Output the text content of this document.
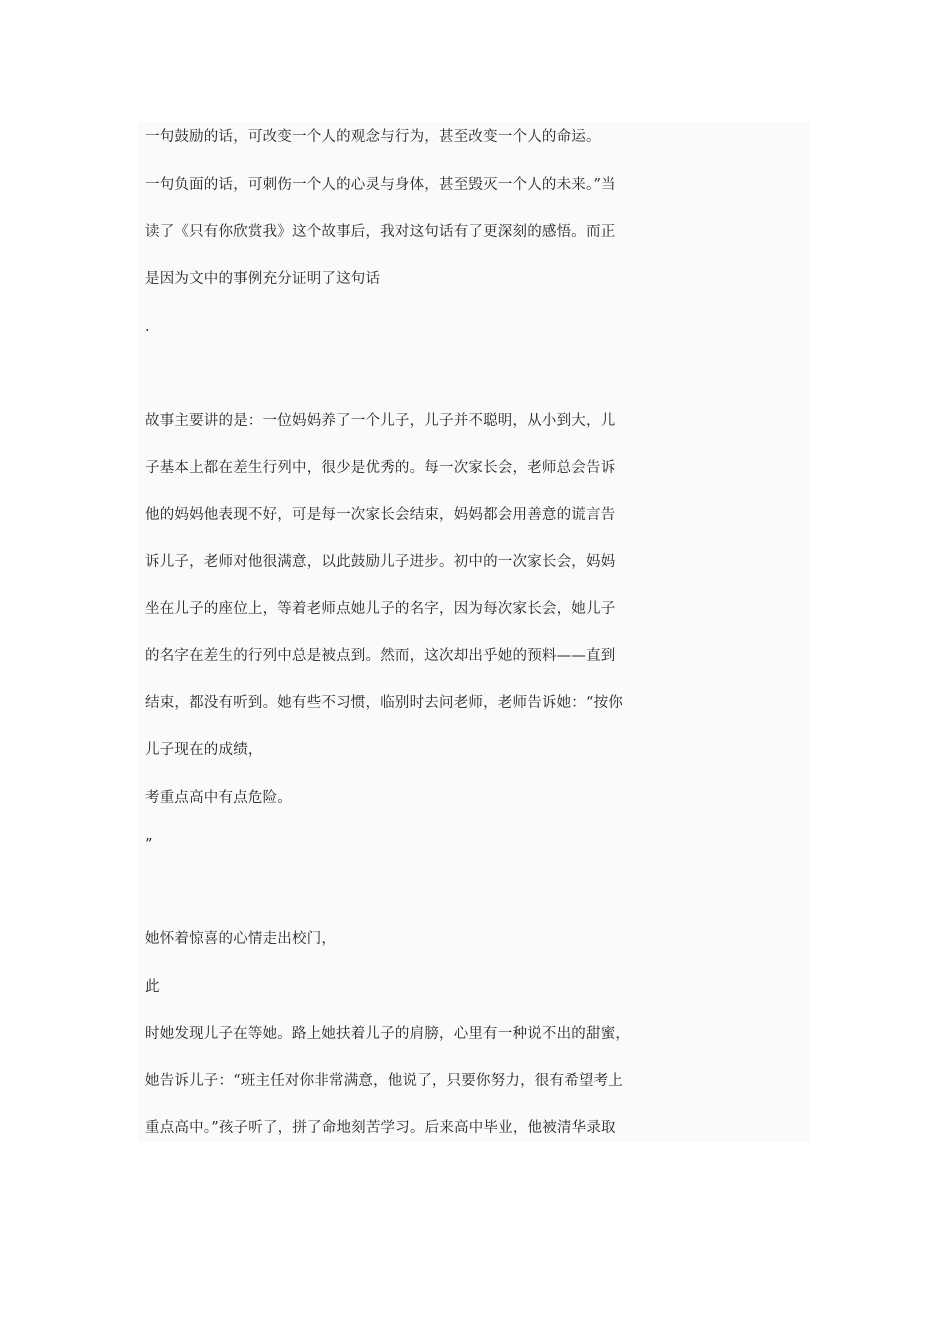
一句鼓励的话，可改变一个人的观念与行为，甚至改变一个人的命运。
一句负面的话，可刺伤一个人的心灵与身体，甚至毁灭一个人的未来。”当
读了《只有你欣赏我》这个故事后，我对这句话有了更深刻的感悟。而正
是因为文中的事例充分证明了这句话
.
故事主要讲的是：一位妈妈养了一个儿子，儿子并不聪明，从小到大，儿
子基本上都在差生行列中，很少是优秀的。每一次家长会，老师总会告诉
他的妈妈他表现不好，可是每一次家长会结束，妈妈都会用善意的谎言告
诉儿子，老师对他很满意，以此鼓励儿子进步。初中的一次家长会，妈妈
坐在儿子的座位上，等着老师点她儿子的名字，因为每次家长会，她儿子
的名字在差生的行列中总是被点到。然而，这次却出乎她的预料——直到
结束，都没有听到。她有些不习惯，临别时去问老师，老师告诉她：“按你
儿子现在的成绩，
考重点高中有点危险。
”
她怀着惊喜的心情走出校门，
此
时她发现儿子在等她。路上她扶着儿子的肩膀，心里有一种说不出的甜蜜，
她告诉儿子：“班主任对你非常满意，他说了，只要你努力，很有希望考上
重点高中。”孩子听了，拼了命地刻苦学习。后来高中毕业，他被清华录取
